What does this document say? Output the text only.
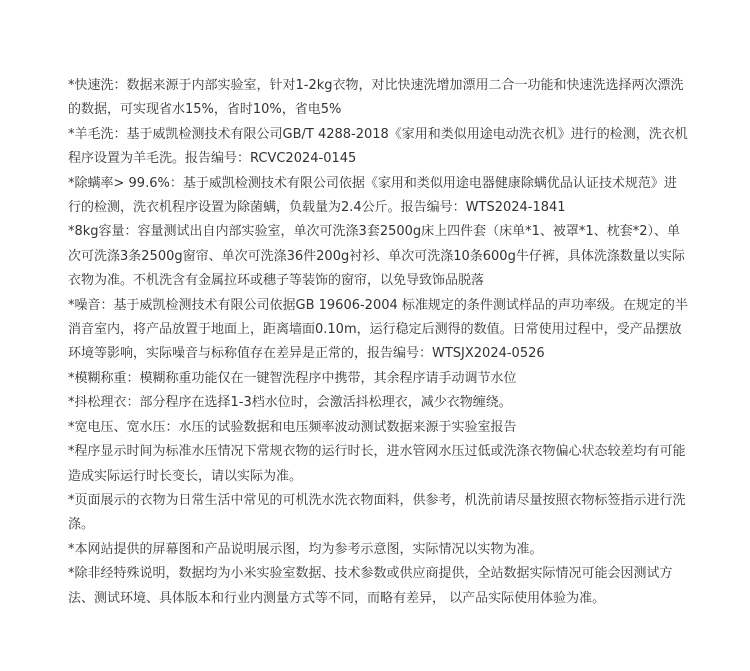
*快速洗：数据来源于内部实验室，针对1-2kg衣物，对比快速洗增加漂用二合一功能和快速洗选择两次漂洗的数据，可实现省水15%，省时10%，省电5%

*羊毛洗：基于威凯检测技术有限公司GB/T 4288-2018《家用和类似用途电动洗衣机》进行的检测，洗衣机程序设置为羊毛洗。报告编号：RCVC2024-0145

*除螨率> 99.6%：基于威凯检测技术有限公司依据《家用和类似用途电器健康除螨优品认证技术规范》进行的检测，洗衣机程序设置为除菌螨，负载量为2.4公斤。报告编号：WTS2024-1841

*8kg容量：容量测试出自内部实验室，单次可洗涤3套2500g床上四件套（床单*1、被罩*1、枕套*2）、单次可洗涤3条2500g窗帘、单次可洗涤36件200g衬衫、单次可洗涤10条600g牛仔裤，具体洗涤数量以实际衣物为准。不机洗含有金属拉环或穗子等装饰的窗帘，以免导致饰品脱落

*噪音：基于威凯检测技术有限公司依据GB 19606-2004 标准规定的条件测试样品的声功率级。在规定的半消音室内，将产品放置于地面上，距离墙面0.10m，运行稳定后测得的数值。日常使用过程中，受产品摆放环境等影响，实际噪音与标称值存在差异是正常的，报告编号：WTSJX2024-0526

*模糊称重：模糊称重功能仅在一键智洗程序中携带，其余程序请手动调节水位

*抖松理衣：部分程序在选择1-3档水位时，会激活抖松理衣，减少衣物缠绕。

*宽电压、宽水压：水压的试验数据和电压频率波动测试数据来源于实验室报告

*程序显示时间为标准水压情况下常规衣物的运行时长，进水管网水压过低或洗涤衣物偏心状态较差均有可能造成实际运行时长变长，请以实际为准。

*页面展示的衣物为日常生活中常见的可机洗水洗衣物面料，供参考，机洗前请尽量按照衣物标签指示进行洗涤。

*本网站提供的屏幕图和产品说明展示图，均为参考示意图，实际情况以实物为准。

*除非经特殊说明，数据均为小米实验室数据、技术参数或供应商提供，全站数据实际情况可能会因测试方法、测试环境、具体版本和行业内测量方式等不同，而略有差异， 以产品实际使用体验为准。
